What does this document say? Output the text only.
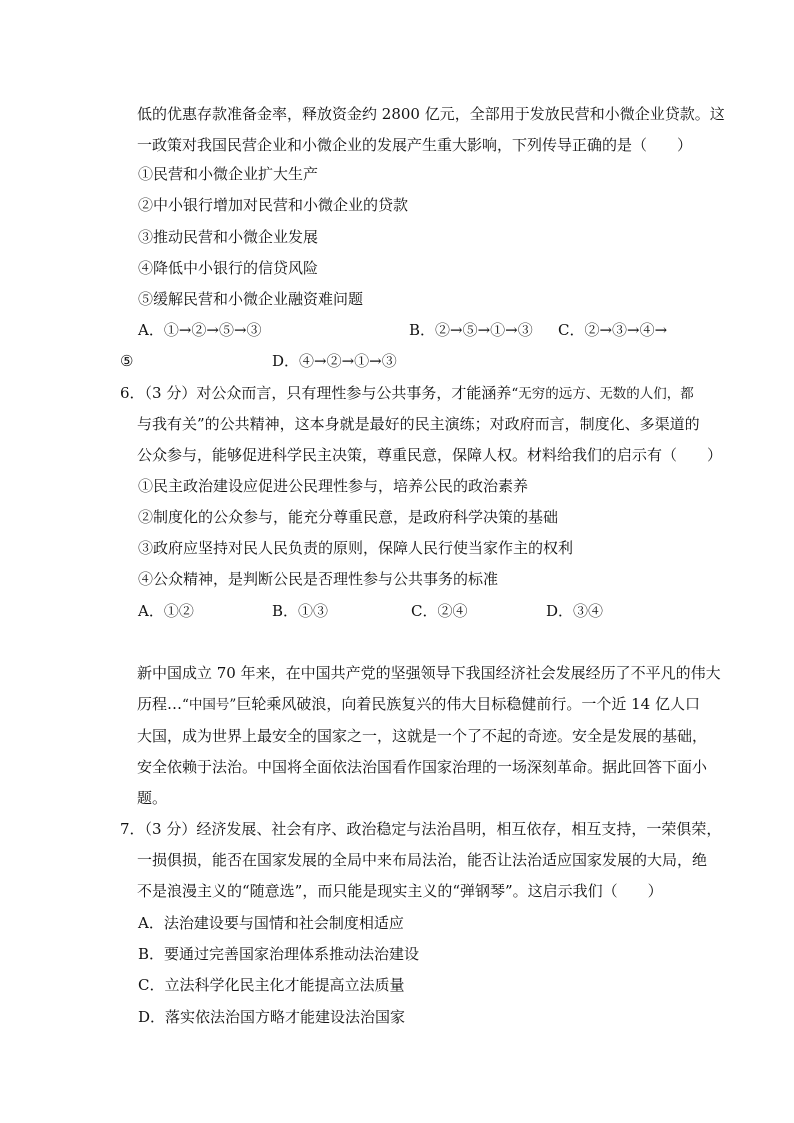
低的优惠存款准备金率，释放资金约 2800 亿元，全部用于发放民营和小微企业贷款。这
一政策对我国民营企业和小微企业的发展产生重大影响，下列传导正确的是（　　）
①民营和小微企业扩大生产
②中小银行增加对民营和小微企业的贷款
③推动民营和小微企业发展
④降低中小银行的信贷风险
⑤缓解民营和小微企业融资难问题
A．①→②→⑤→③	B．②→⑤→①→③ C．②→③→④→
⑤	D．④→②→①→③
6．（3 分）对公众而言，只有理性参与公共事务，才能涵养“无穷的远方、无数的人们，都
与我有关”的公共精神，这本身就是最好的民主演练；对政府而言，制度化、多渠道的
公众参与，能够促进科学民主决策，尊重民意，保障人权。材料给我们的启示有（　　）
①民主政治建设应促进公民理性参与，培养公民的政治素养
②制度化的公众参与，能充分尊重民意，是政府科学决策的基础
③政府应坚持对民人民负责的原则，保障人民行使当家作主的权利
④公众精神，是判断公民是否理性参与公共事务的标准
A．①②	B．①③	C．②④	D．③④
新中国成立 70 年来，在中国共产党的坚强领导下我国经济社会发展经历了不平凡的伟大
历程…“中国号”巨轮乘风破浪，向着民族复兴的伟大目标稳健前行。一个近 14 亿人口
大国，成为世界上最安全的国家之一，这就是一个了不起的奇迹。安全是发展的基础，
安全依赖于法治。中国将全面依法治国看作国家治理的一场深刻革命。据此回答下面小
题。
7．（3 分）经济发展、社会有序、政治稳定与法治昌明，相互依存，相互支持，一荣俱荣，
一损俱损，能否在国家发展的全局中来布局法治，能否让法治适应国家发展的大局，绝
不是浪漫主义的“随意选”，而只能是现实主义的“弹钢琴”。这启示我们（　　）
A．法治建设要与国情和社会制度相适应
B．要通过完善国家治理体系推动法治建设
C．立法科学化民主化才能提高立法质量
D．落实依法治国方略才能建设法治国家
